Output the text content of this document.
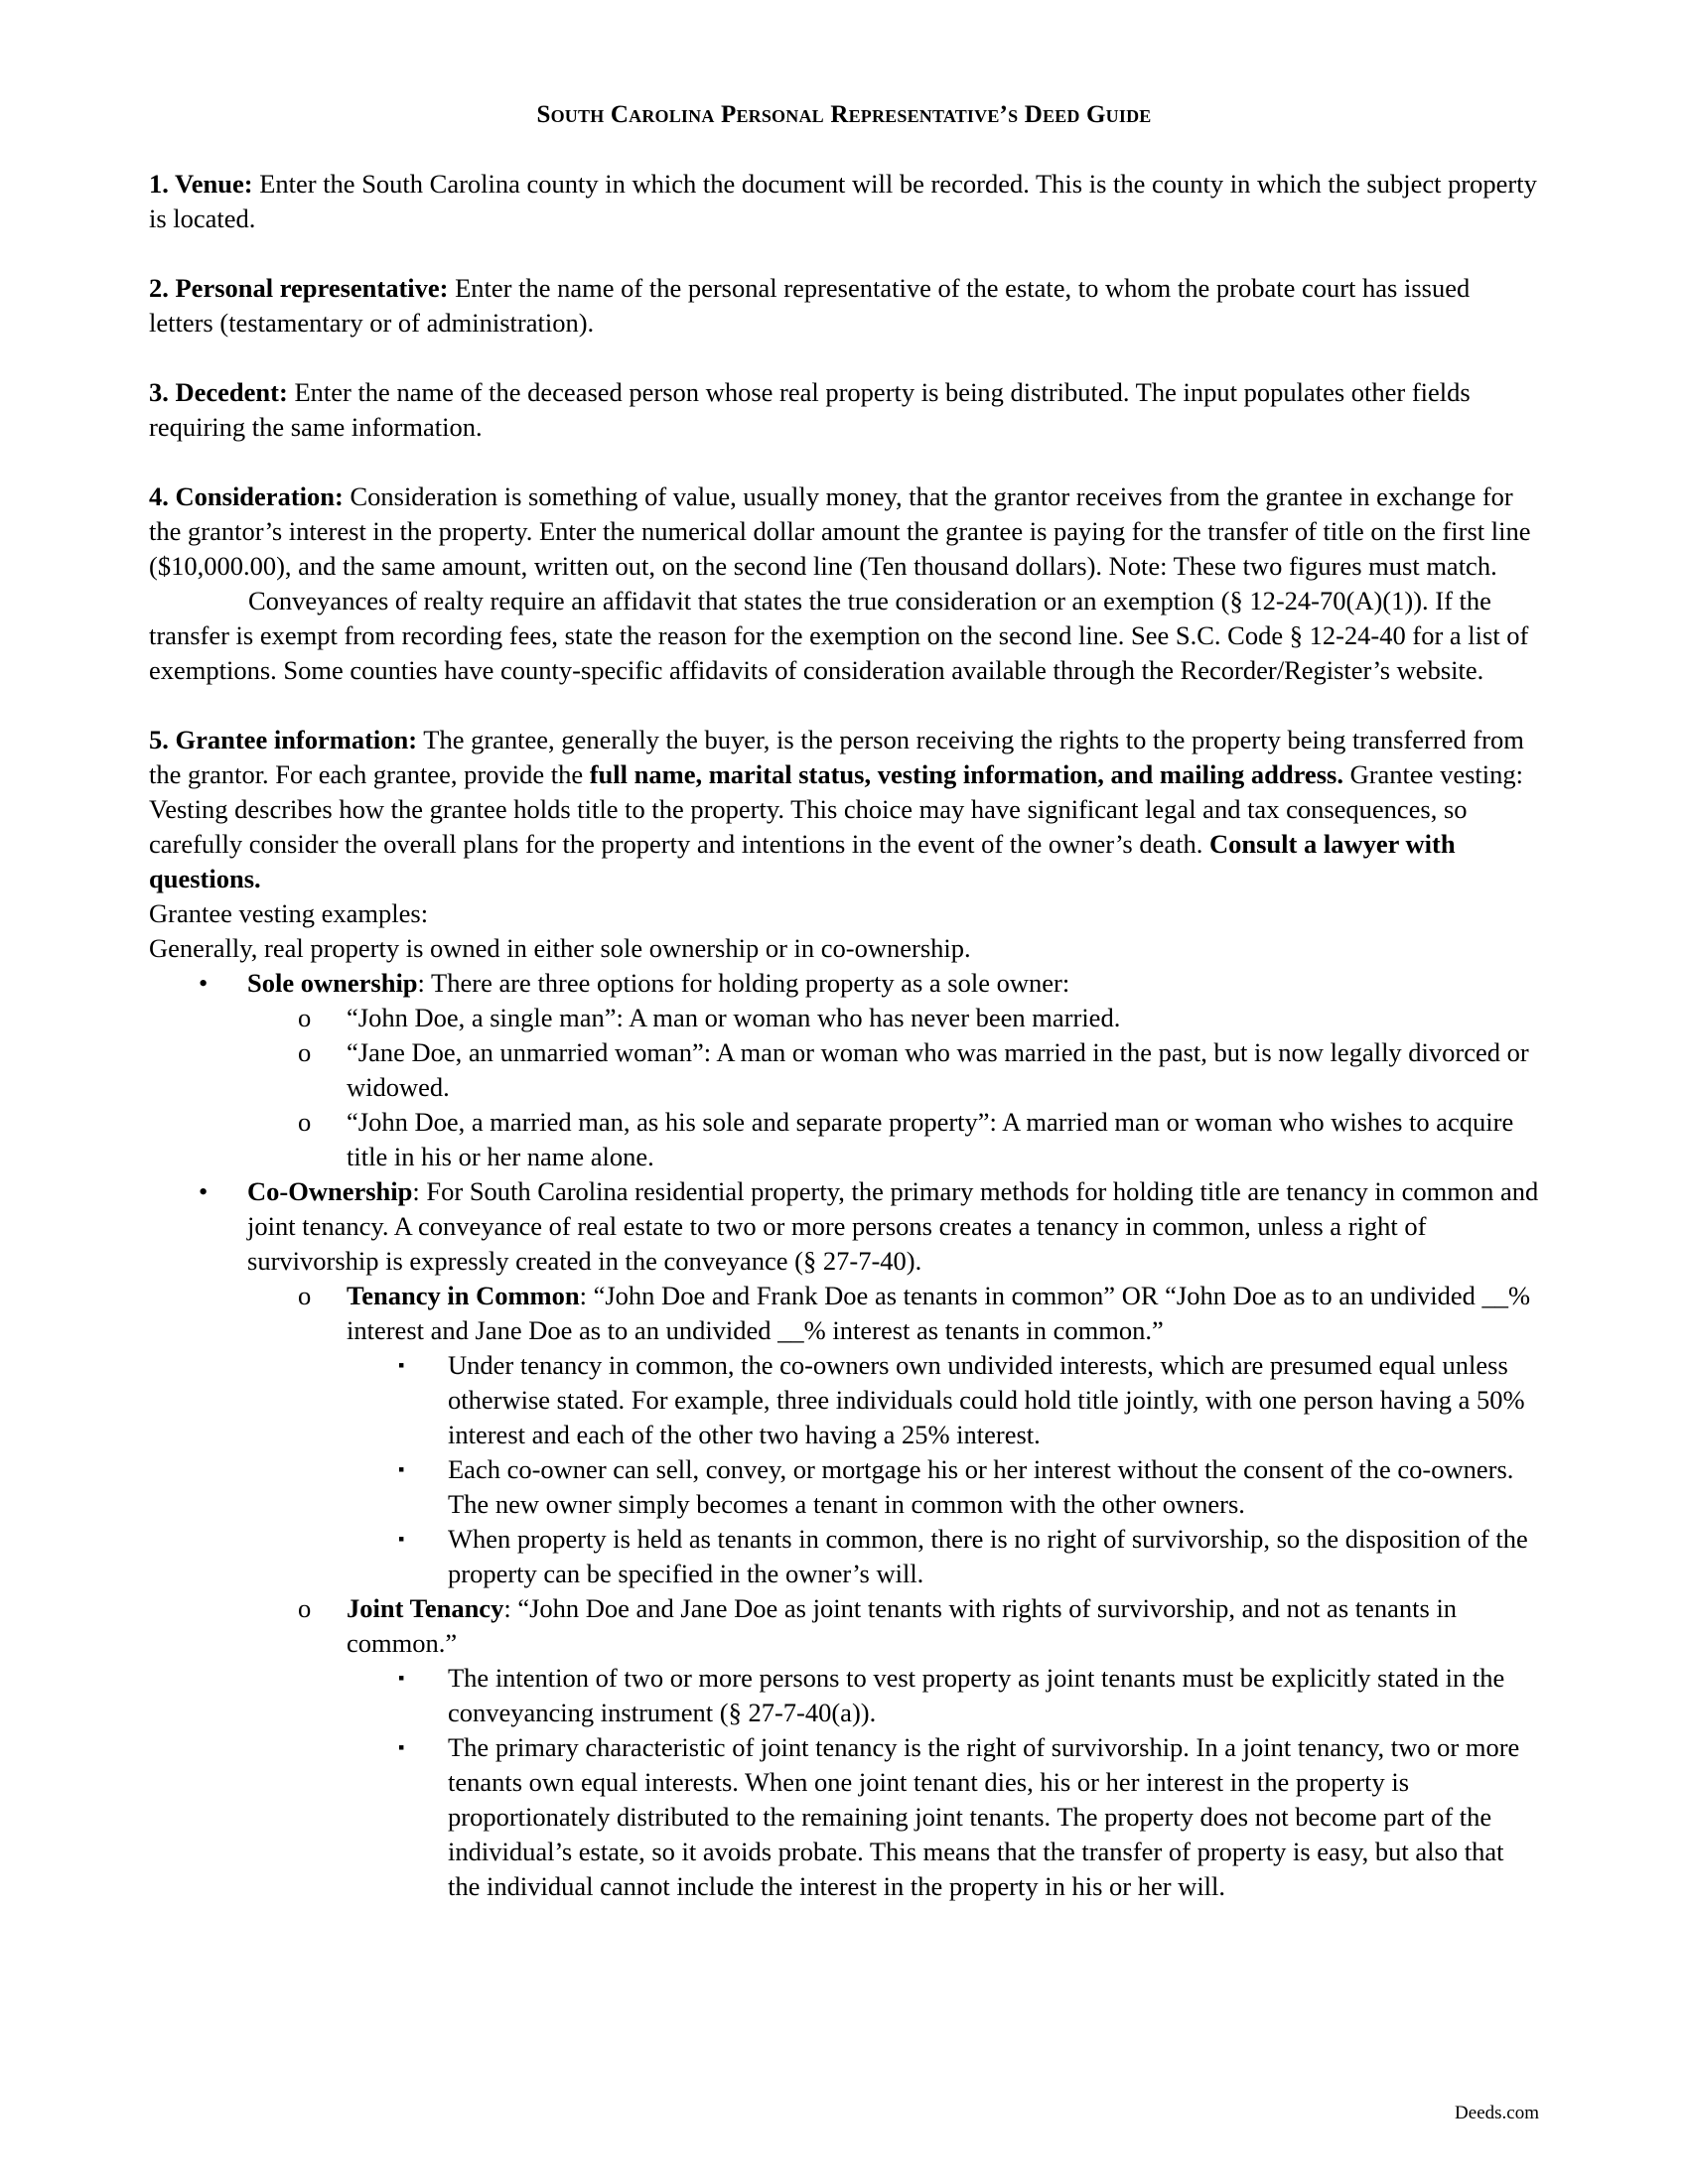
South Carolina Personal Representative’s Deed Guide

1. Venue: Enter the South Carolina county in which the document will be recorded. This is the county in which the subject property is located.

2. Personal representative: Enter the name of the personal representative of the estate, to whom the probate court has issued letters (testamentary or of administration).

3. Decedent: Enter the name of the deceased person whose real property is being distributed. The input populates other fields requiring the same information.

4. Consideration: Consideration is something of value, usually money, that the grantor receives from the grantee in exchange for the grantor’s interest in the property. Enter the numerical dollar amount the grantee is paying for the transfer of title on the first line ($10,000.00), and the same amount, written out, on the second line (Ten thousand dollars). Note: These two figures must match.

Conveyances of realty require an affidavit that states the true consideration or an exemption (§ 12-24-70(A)(1)). If the transfer is exempt from recording fees, state the reason for the exemption on the second line. See S.C. Code § 12-24-40 for a list of exemptions. Some counties have county-specific affidavits of consideration available through the Recorder/Register’s website.

5. Grantee information: The grantee, generally the buyer, is the person receiving the rights to the property being transferred from the grantor. For each grantee, provide the full name, marital status, vesting information, and mailing address. Grantee vesting: Vesting describes how the grantee holds title to the property. This choice may have significant legal and tax consequences, so carefully consider the overall plans for the property and intentions in the event of the owner’s death. Consult a lawyer with questions.

Grantee vesting examples:

Generally, real property is owned in either sole ownership or in co-ownership.

• Sole ownership: There are three options for holding property as a sole owner:
o “John Doe, a single man”: A man or woman who has never been married.
o “Jane Doe, an unmarried woman”: A man or woman who was married in the past, but is now legally divorced or widowed.
o “John Doe, a married man, as his sole and separate property”: A married man or woman who wishes to acquire title in his or her name alone.
• Co-Ownership: For South Carolina residential property, the primary methods for holding title are tenancy in common and joint tenancy. A conveyance of real estate to two or more persons creates a tenancy in common, unless a right of survivorship is expressly created in the conveyance (§ 27-7-40).
o Tenancy in Common: “John Doe and Frank Doe as tenants in common” OR “John Doe as to an undivided __% interest and Jane Doe as to an undivided __% interest as tenants in common.”
▪ Under tenancy in common, the co-owners own undivided interests, which are presumed equal unless otherwise stated. For example, three individuals could hold title jointly, with one person having a 50% interest and each of the other two having a 25% interest.
▪ Each co-owner can sell, convey, or mortgage his or her interest without the consent of the co-owners. The new owner simply becomes a tenant in common with the other owners.
▪ When property is held as tenants in common, there is no right of survivorship, so the disposition of the property can be specified in the owner’s will.
o Joint Tenancy: “John Doe and Jane Doe as joint tenants with rights of survivorship, and not as tenants in common.”
▪ The intention of two or more persons to vest property as joint tenants must be explicitly stated in the conveyancing instrument (§ 27-7-40(a)).
▪ The primary characteristic of joint tenancy is the right of survivorship. In a joint tenancy, two or more tenants own equal interests. When one joint tenant dies, his or her interest in the property is proportionately distributed to the remaining joint tenants. The property does not become part of the individual’s estate, so it avoids probate. This means that the transfer of property is easy, but also that the individual cannot include the interest in the property in his or her will.
Deeds.com
